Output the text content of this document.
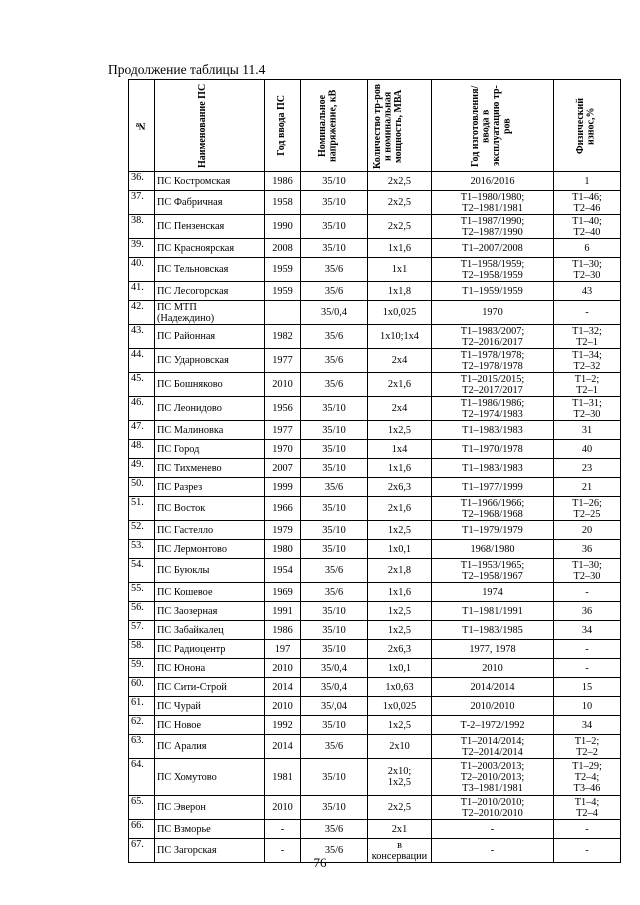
Продолжение таблицы 11.4
№	Наименование ПС	Год ввода ПС	Номинальное напряжение, кВ	Количество тр-ров и номинальная мощность, МВА	Год изготовления/ ввода в эксплуатацию тр-ров	Физический износ,%

36.	ПС Костромская	1986	35/10	2х2,5	2016/2016	1
37.	ПС Фабричная	1958	35/10	2х2,5	Т1–1980/1980;
Т2–1981/1981	Т1–46;
Т2–46
38.	ПС Пензенская	1990	35/10	2х2,5	Т1–1987/1990;
Т2–1987/1990	Т1–40;
Т2–40
39.	ПС Красноярская	2008	35/10	1х1,6	Т1–2007/2008	6
40.	ПС Тельновская	1959	35/6	1х1	Т1–1958/1959;
Т2–1958/1959	Т1–30;
Т2–30
41.	ПС Лесогорская	1959	35/6	1х1,8	Т1–1959/1959	43
42.	ПС МТП
(Надеждино)		35/0,4	1х0,025	1970	-
43.	ПС Районная	1982	35/6	1х10;1х4	Т1–1983/2007;
Т2–2016/2017	Т1–32;
Т2–1
44.	ПС Ударновская	1977	35/6	2х4	Т1–1978/1978;
Т2–1978/1978	Т1–34;
Т2–32
45.	ПС Бошняково	2010	35/6	2х1,6	Т1–2015/2015;
Т2–2017/2017	Т1–2;
Т2–1
46.	ПС Леонидово	1956	35/10	2х4	Т1–1986/1986;
Т2–1974/1983	Т1–31;
Т2–30
47.	ПС Малиновка	1977	35/10	1х2,5	Т1–1983/1983	31
48.	ПС Город	1970	35/10	1х4	Т1–1970/1978	40
49.	ПС Тихменево	2007	35/10	1х1,6	Т1–1983/1983	23
50.	ПС Разрез	1999	35/6	2х6,3	Т1–1977/1999	21
51.	ПС Восток	1966	35/10	2х1,6	Т1–1966/1966;
Т2–1968/1968	Т1–26;
Т2–25
52.	ПС Гастелло	1979	35/10	1х2,5	Т1–1979/1979	20
53.	ПС Лермонтово	1980	35/10	1х0,1	1968/1980	36
54.	ПС Буюклы	1954	35/6	2х1,8	Т1–1953/1965;
Т2–1958/1967	Т1–30;
Т2–30
55.	ПС Кошевое	1969	35/6	1х1,6	1974	-
56.	ПС Заозерная	1991	35/10	1х2,5	Т1–1981/1991	36
57.	ПС Забайкалец	1986	35/10	1х2,5	Т1–1983/1985	34
58.	ПС Радиоцентр	197	35/10	2х6,3	1977, 1978	-
59.	ПС Юнона	2010	35/0,4	1х0,1	2010	-
60.	ПС Сити-Строй	2014	35/0,4	1х0,63	2014/2014	15
61.	ПС Чурай	2010	35/,04	1х0,025	2010/2010	10
62.	ПС Новое	1992	35/10	1х2,5	Т-2–1972/1992	34
63.	ПС Аралия	2014	35/6	2х10	Т1–2014/2014;
Т2–2014/2014	Т1–2;
Т2–2
64.	ПС Хомутово	1981	35/10	2х10;
1х2,5	Т1–2003/2013;
Т2–2010/2013;
Т3–1981/1981	Т1–29;
Т2–4;
Т3–46
65.	ПС Эверон	2010	35/10	2х2,5	Т1–2010/2010;
Т2–2010/2010	Т1–4;
Т2–4
66.	ПС Взморье	-	35/6	2х1	-	-
67.	ПС Загорская	-	35/6	в
консервации	-	-
76
